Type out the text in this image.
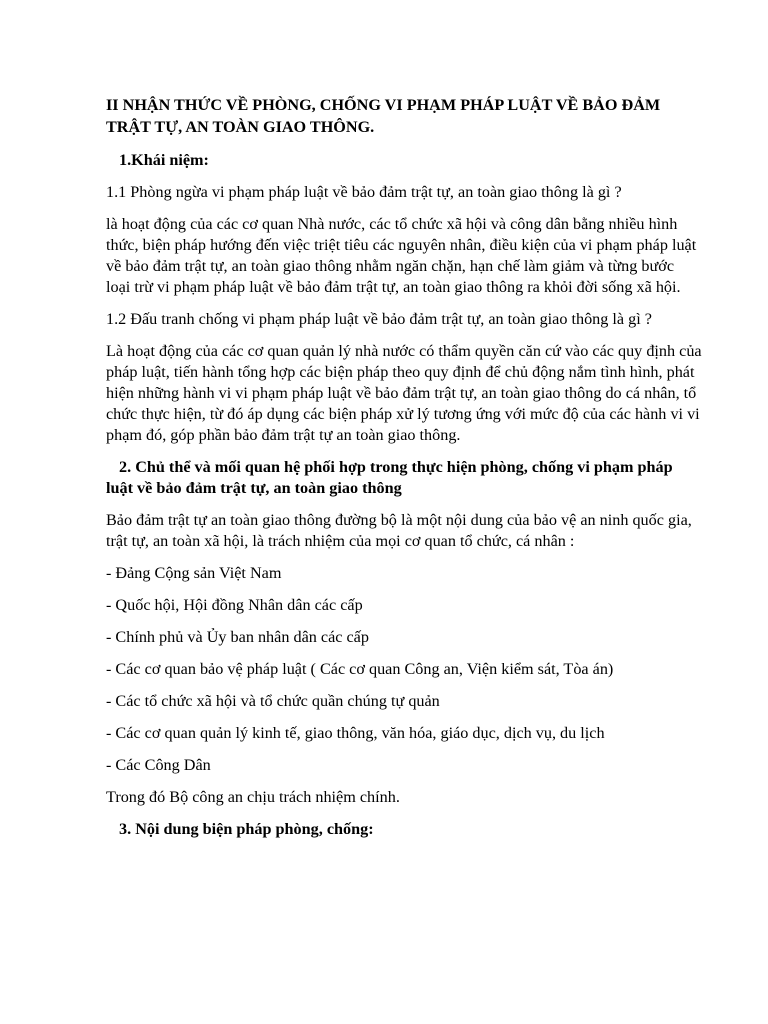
II NHẬN THỨC VỀ PHÒNG, CHỐNG VI PHẠM PHÁP LUẬT VỀ BẢO ĐẢM TRẬT TỰ, AN TOÀN GIAO THÔNG.
1.Khái niệm:
1.1 Phòng ngừa vi phạm pháp luật về bảo đảm trật tự, an toàn giao thông là gì ?
là hoạt động của các cơ quan Nhà nước, các tổ chức xã hội và công dân bằng nhiều hình thức, biện pháp hướng đến việc triệt tiêu các nguyên nhân, điều kiện của vi phạm pháp luật về bảo đảm trật tự, an toàn giao thông nhằm ngăn chặn, hạn chế làm giảm và từng bước loại trừ vi phạm pháp luật về bảo đảm trật tự, an toàn giao thông ra khỏi đời sống xã hội.
1.2 Đấu tranh chống vi phạm pháp luật về bảo đảm trật tự, an toàn giao thông là gì ?
Là hoạt động của các cơ quan quản lý nhà nước có thẩm quyền căn cứ vào các quy định của pháp luật, tiến hành tổng hợp các biện pháp theo quy định để chủ động nắm tình hình, phát hiện những hành vi vi phạm pháp luật về bảo đảm trật tự, an toàn giao thông do cá nhân, tổ chức thực hiện, từ đó áp dụng các biện pháp xử lý tương ứng với mức độ của các hành vi vi phạm đó, góp phần bảo đảm trật tự an toàn giao thông.
2. Chủ thể và mối quan hệ phối hợp trong thực hiện phòng, chống vi phạm pháp luật về bảo đảm trật tự, an toàn giao thông
Bảo đảm trật tự an toàn giao thông đường bộ là một nội dung của bảo vệ an ninh quốc gia, trật tự, an toàn xã hội, là trách nhiệm của mọi cơ quan tổ chức, cá nhân :
- Đảng Cộng sản Việt Nam
- Quốc hội, Hội đồng Nhân dân các cấp
- Chính phủ và Ủy ban nhân dân các cấp
- Các cơ quan bảo vệ pháp luật ( Các cơ quan Công an, Viện kiểm sát, Tòa án)
- Các tổ chức xã hội và tổ chức quần chúng tự quản
- Các cơ quan quản lý kinh tế, giao thông, văn hóa, giáo dục, dịch vụ, du lịch
- Các Công Dân
Trong đó Bộ công an chịu trách nhiệm chính.
3. Nội dung biện pháp phòng, chống:
